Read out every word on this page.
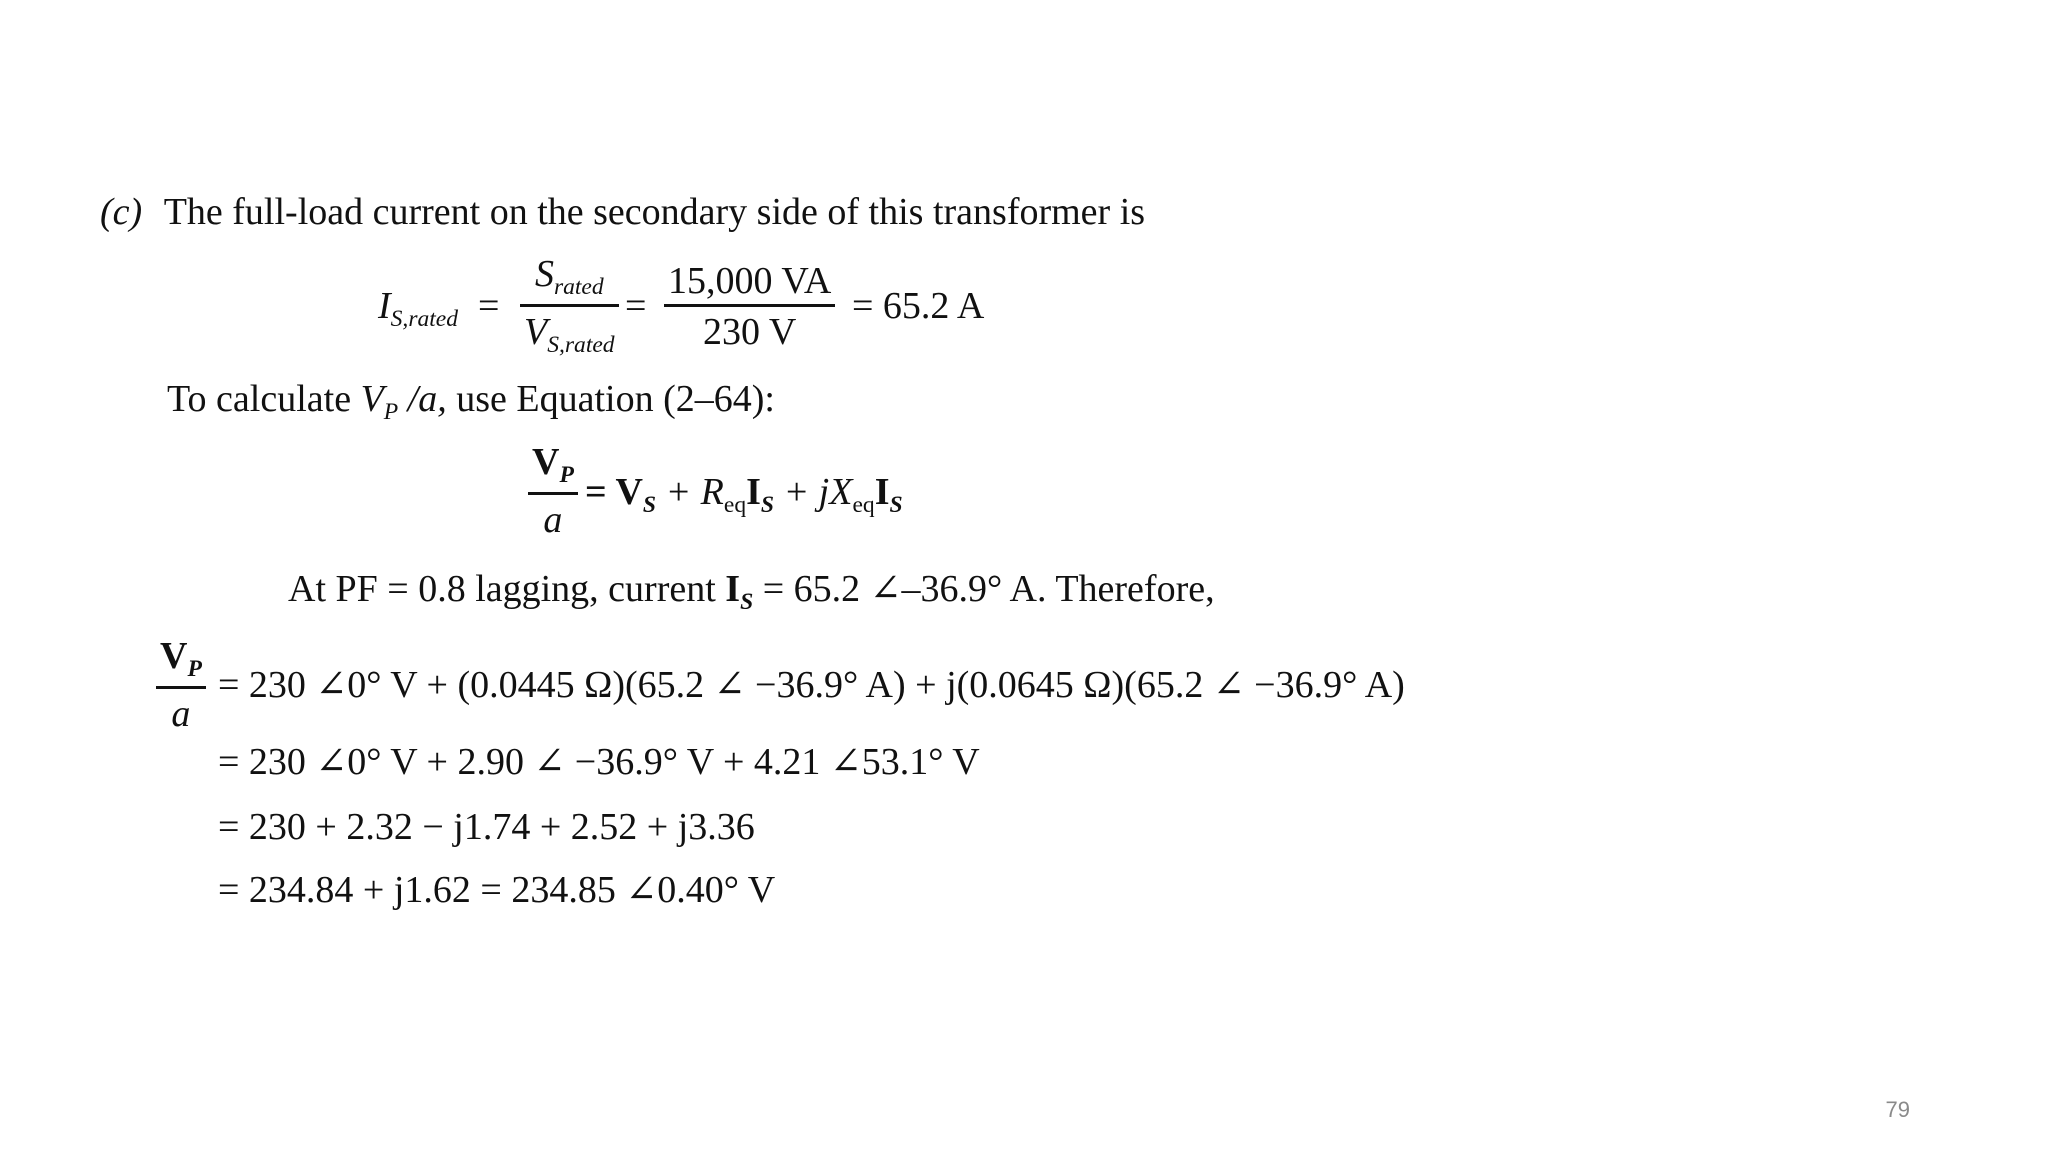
(c) The full-load current on the secondary side of this transformer is
$I_{S,rated}$ =
$S_{rated}$
$V_{S,rated}$
=
15,000 VA
230 V
= 65.2 A
To calculate $V_P$ /a, use Equation (2–64):
$V_P$
a
= $V_S + R_{eq}I_S + jX_{eq}I_S$
At PF = 0.8 lagging, current $I_S = 65.2$ ∠–36.9° A. Therefore,
$V_P$
a
= 230 ∠0° V + (0.0445 Ω)(65.2 ∠ −36.9° A) + j(0.0645 Ω)(65.2 ∠ −36.9° A)
= 230 ∠0° V + 2.90 ∠ −36.9° V + 4.21 ∠53.1° V
= 230 + 2.32 − j1.74 + 2.52 + j3.36
= 234.84 + j1.62 = 234.85 ∠0.40° V
79
